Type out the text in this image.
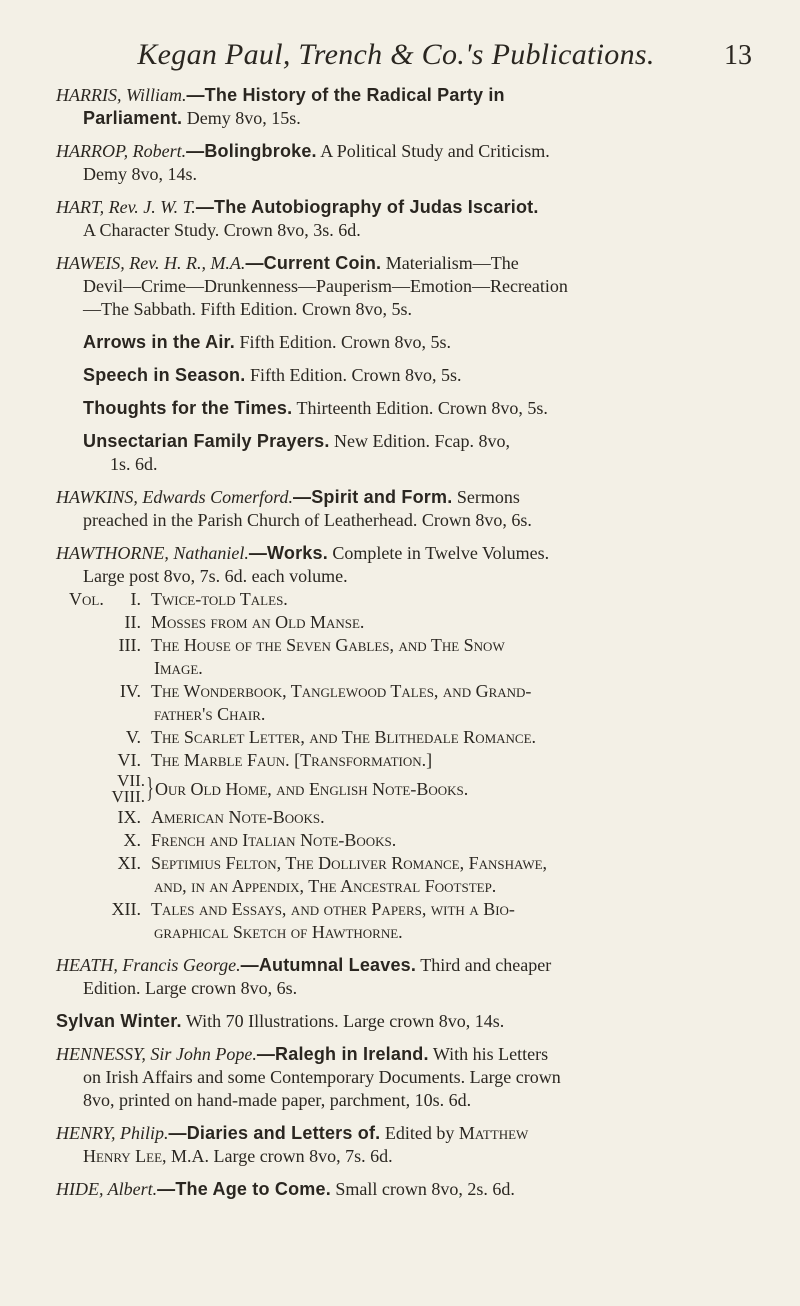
Kegan Paul, Trench & Co.'s Publications.	13
HARRIS, William.—The History of the Radical Party in
Parliament. Demy 8vo, 15s.
HARROP, Robert.—Bolingbroke. A Political Study and Criticism.
Demy 8vo, 14s.
HART, Rev. J. W. T.—The Autobiography of Judas Iscariot.
A Character Study. Crown 8vo, 3s. 6d.
HAWEIS, Rev. H. R., M.A.—Current Coin. Materialism—The
Devil—Crime—Drunkenness—Pauperism—Emotion—Recreation
—The Sabbath. Fifth Edition. Crown 8vo, 5s.
Arrows in the Air. Fifth Edition. Crown 8vo, 5s.
Speech in Season. Fifth Edition. Crown 8vo, 5s.
Thoughts for the Times. Thirteenth Edition. Crown 8vo, 5s.
Unsectarian Family Prayers. New Edition. Fcap. 8vo,
1s. 6d.
HAWKINS, Edwards Comerford.—Spirit and Form. Sermons
preached in the Parish Church of Leatherhead. Crown 8vo, 6s.
HAWTHORNE, Nathaniel.—Works. Complete in Twelve Volumes.
Large post 8vo, 7s. 6d. each volume.
Vol.	I. Twice-told Tales.
II. Mosses from an Old Manse.
III. The House of the Seven Gables, and The Snow
Image.
IV. The Wonderbook, Tanglewood Tales, and Grand-
father's Chair.
V. The Scarlet Letter, and The Blithedale Romance.
VI. The Marble Faun. [Transformation.]
VII.
VIII. } Our Old Home, and English Note-Books.
IX. American Note-Books.
X. French and Italian Note-Books.
XI. Septimius Felton, The Dolliver Romance, Fanshawe,
and, in an Appendix, The Ancestral Footstep.
XII. Tales and Essays, and other Papers, with a Bio-
graphical Sketch of Hawthorne.
HEATH, Francis George.—Autumnal Leaves. Third and cheaper
Edition. Large crown 8vo, 6s.
Sylvan Winter. With 70 Illustrations. Large crown 8vo, 14s.
HENNESSY, Sir John Pope.—Ralegh in Ireland. With his Letters
on Irish Affairs and some Contemporary Documents. Large crown
8vo, printed on hand-made paper, parchment, 10s. 6d.
HENRY, Philip.—Diaries and Letters of. Edited by Matthew
Henry Lee, M.A. Large crown 8vo, 7s. 6d.
HIDE, Albert.—The Age to Come. Small crown 8vo, 2s. 6d.
